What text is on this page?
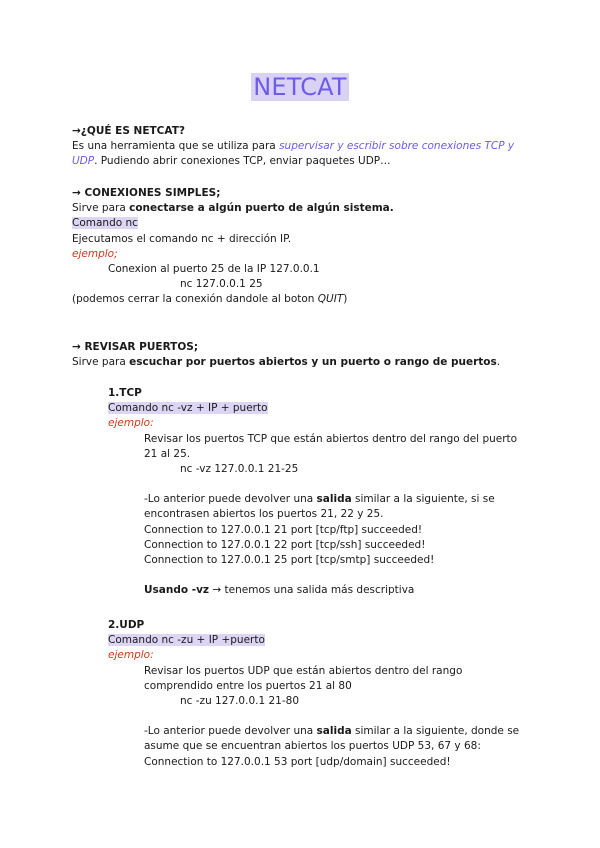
NETCAT
→¿QUÉ ES NETCAT?
Es una herramienta que se utiliza para supervisar y escribir sobre conexiones TCP y UDP. Pudiendo abrir conexiones TCP, enviar paquetes UDP…
→ CONEXIONES SIMPLES;
Sirve para conectarse a algún puerto de algún sistema.
Comando nc
Ejecutamos el comando nc + dirección IP.
ejemplo;
Conexion al puerto 25 de la IP 127.0.0.1
nc 127.0.0.1 25
(podemos cerrar la conexión dandole al boton QUIT)
→ REVISAR PUERTOS;
Sirve para escuchar por puertos abiertos y un puerto o rango de puertos.
1.TCP
Comando nc -vz + IP + puerto
ejemplo:
Revisar los puertos TCP que están abiertos dentro del rango del puerto
21 al 25.
nc -vz 127.0.0.1 21-25
-Lo anterior puede devolver una salida similar a la siguiente, si se
encontrasen abiertos los puertos 21, 22 y 25.
Connection to 127.0.0.1 21 port [tcp/ftp] succeeded!
Connection to 127.0.0.1 22 port [tcp/ssh] succeeded!
Connection to 127.0.0.1 25 port [tcp/smtp] succeeded!
Usando -vz → tenemos una salida más descriptiva
2.UDP
Comando nc -zu + IP +puerto
ejemplo:
Revisar los puertos UDP que están abiertos dentro del rango
comprendido entre los puertos 21 al 80
nc -zu 127.0.0.1 21-80
-Lo anterior puede devolver una salida similar a la siguiente, donde se
asume que se encuentran abiertos los puertos UDP 53, 67 y 68:
Connection to 127.0.0.1 53 port [udp/domain] succeeded!
